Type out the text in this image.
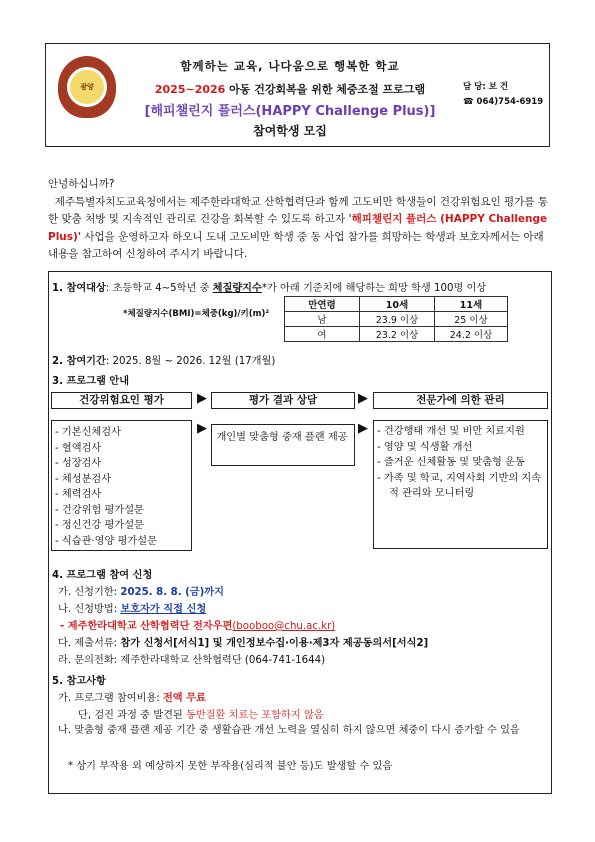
광양
함께하는 교육, 나다움으로 행복한 학교
2025~2026 아동 건강회복을 위한 체중조절 프로그램
[해피챌린지 플러스(HAPPY Challenge Plus)]
참여학생 모집
담 당: 보 건
☎ 064)754-6919

안녕하십니까?

제주특별자치도교육청에서는 제주한라대학교 산학협력단과 함께 고도비만 학생들이 건강위험요인 평가를 통한 맞춤 처방 및 지속적인 관리로 건강을 회복할 수 있도록 하고자 '해피챌린지 플러스 (HAPPY Challenge Plus)' 사업을 운영하고자 하오니 도내 고도비만 학생 중 동 사업 참가를 희망하는 학생과 보호자께서는 아래 내용을 참고하여 신청하여 주시기 바랍니다.

1. 참여대상: 초등학교 4~5학년 중 체질량지수*가 아래 기준치에 해당하는 희망 학생 100명 이상
*체질량지수(BMI)=체중(kg)/키(m)²
만연령	10세	11세
남	23.9 이상	25 이상
여	23.2 이상	24.2 이상
2. 참여기간: 2025. 8월 ~ 2026. 12월 (17개월)
3. 프로그램 안내
건강위험요인 평가	▶	평가 결과 상담	▶	전문가에 의한 관리
- 기본신체검사
- 혈액검사
- 성장검사
- 체성분검사
- 체력검사
- 건강위험 평가설문
- 정신건강 평가설문
- 식습관·영양 평가설문
▶
개인별 맞춤형 중재 플랜 제공
▶ - 건강행태 개선 및 비만 치료지원
- 영양 및 식생활 개선
- 즐거운 신체활동 및 맞춤형 운동
- 가족 및 학교, 지역사회 기반의 지속적 관리와 모니터링
4. 프로그램 참여 신청
가. 신청기한: 2025. 8. 8. (금)까지
나. 신청방법: 보호자가 직접 신청
- 제주한라대학교 산학협력단 전자우편(booboo@chu.ac.kr)
다. 제출서류: 참가 신청서[서식1] 및 개인정보수집·이용·제3자 제공동의서[서식2]
라. 문의전화: 제주한라대학교 산학협력단 (064-741-1644)
5. 참고사항
가. 프로그램 참여비용: 전액 무료
단, 검진 과정 중 발견된 동반질환 치료는 포함하지 않음
나. 맞춤형 중재 플랜 제공 기간 중 생활습관 개선 노력을 열심히 하지 않으면 체중이 다시 증가할 수 있음
* 상기 부작용 외 예상하지 못한 부작용(심리적 불안 등)도 발생할 수 있음
